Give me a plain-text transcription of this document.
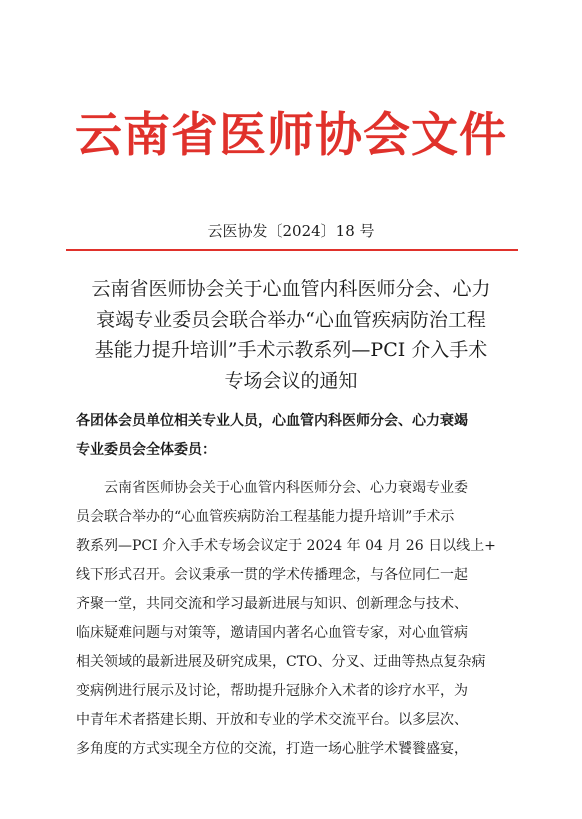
云南省医师协会文件
云医协发〔2024〕18 号
云南省医师协会关于心血管内科医师分会、心力
衰竭专业委员会联合举办“心血管疾病防治工程
基能力提升培训”手术示教系列—PCI 介入手术
专场会议的通知
各团体会员单位相关专业人员，心血管内科医师分会、心力衰竭
专业委员会全体委员：
　　云南省医师协会关于心血管内科医师分会、心力衰竭专业委
员会联合举办的“心血管疾病防治工程基能力提升培训”手术示
教系列—PCI 介入手术专场会议定于 2024 年 04 月 26 日以线上+
线下形式召开。会议秉承一贯的学术传播理念，与各位同仁一起
齐聚一堂，共同交流和学习最新进展与知识、创新理念与技术、
临床疑难问题与对策等，邀请国内著名心血管专家，对心血管病
相关领域的最新进展及研究成果，CTO、分叉、迂曲等热点复杂病
变病例进行展示及讨论，帮助提升冠脉介入术者的诊疗水平，为
中青年术者搭建长期、开放和专业的学术交流平台。以多层次、
多角度的方式实现全方位的交流，打造一场心脏学术饕餮盛宴，
